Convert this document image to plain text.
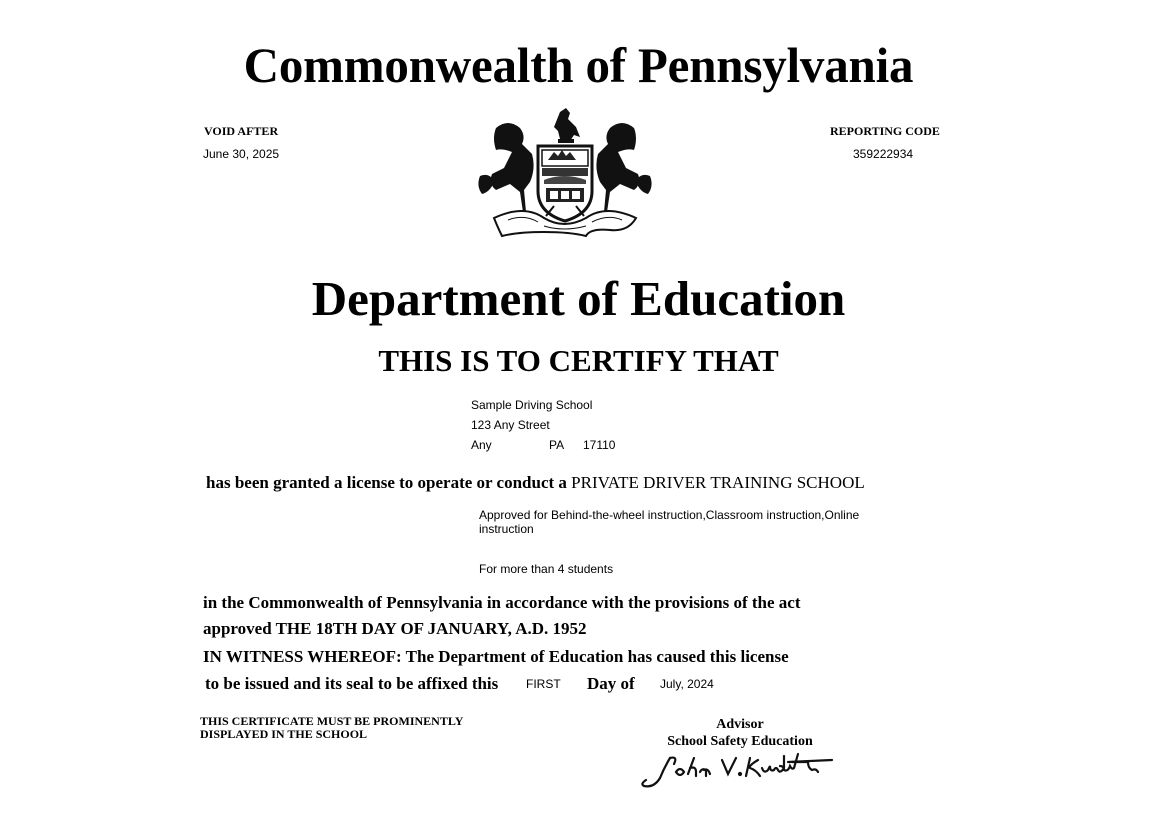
Commonwealth of Pennsylvania
VOID AFTER
June 30, 2025
REPORTING CODE
359222934
Department of Education
THIS IS TO CERTIFY THAT
Sample Driving School
123 Any Street
Any	PA 17110
has been granted a license to operate or conduct a PRIVATE DRIVER TRAINING SCHOOL
Approved for Behind-the-wheel instruction,Classroom instruction,Online instruction
For more than 4 students
in the Commonwealth of Pennsylvania in accordance with the provisions of the act
approved THE 18TH DAY OF JANUARY, A.D. 1952
IN WITNESS WHEREOF: The Department of Education has caused this license
to be issued and its seal to be affixed this FIRST Day of July, 2024
THIS CERTIFICATE MUST BE PROMINENTLY
DISPLAYED IN THE SCHOOL
Advisor
School Safety Education
